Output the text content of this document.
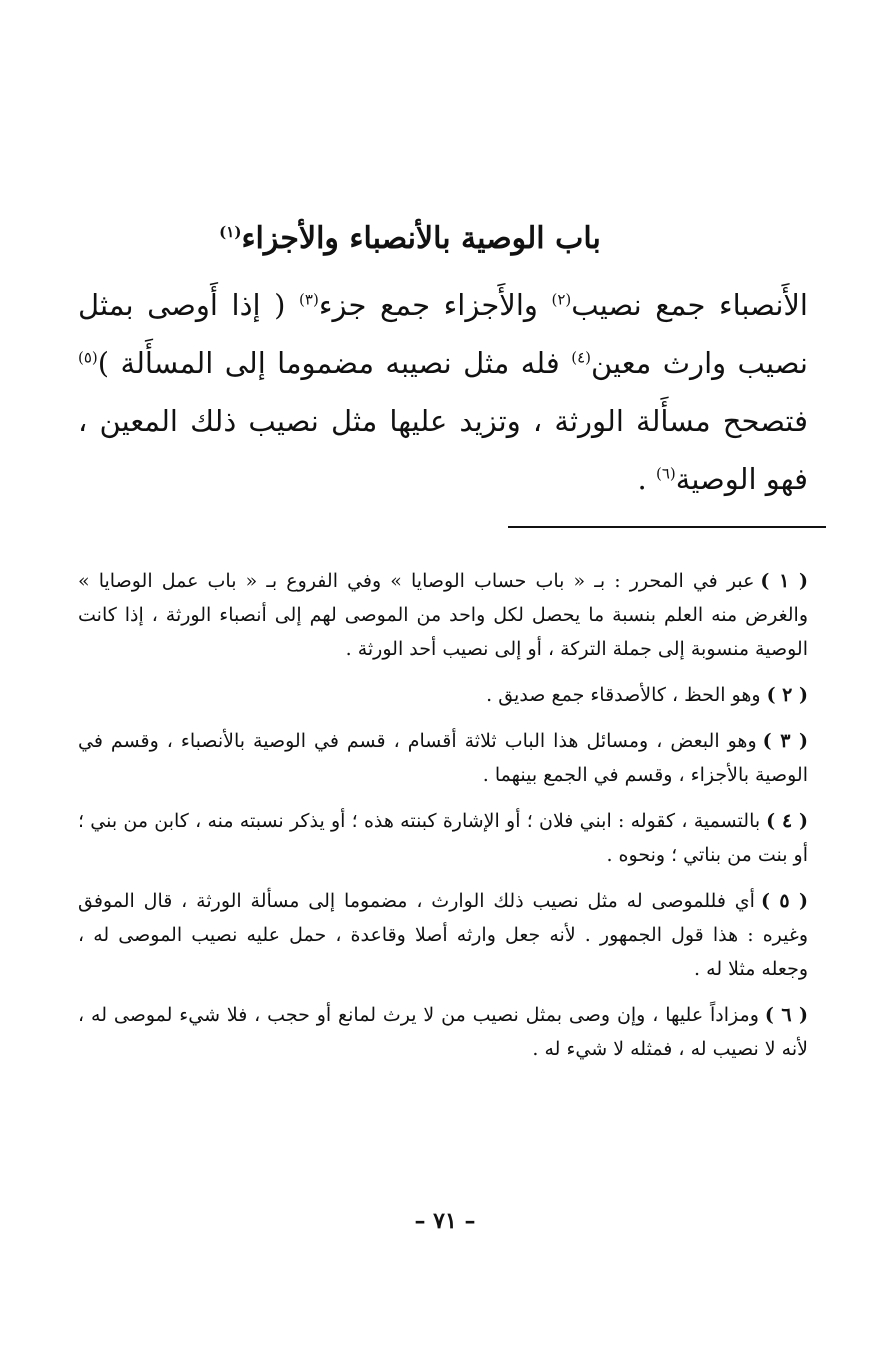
باب الوصية بالأنصباء والأجزاء$^{(١)}$

الأَنصباء جمع نصيب$^{(٢)}$ والأَجزاء جمع جزء$^{(٣)}$ ( إذا أَوصى بمثل نصيب وارث معين$^{(٤)}$ فله مثل نصيبه مضموما إلى المسأَلة )$^{(٥)}$ فتصحح مسأَلة الورثة ، وتزيد عليها مثل نصيب ذلك المعين ، فهو الوصية$^{(٦)}$ .

( ١ )عبر في المحرر : بـ « باب حساب الوصايا » وفي الفروع بـ « باب عمل الوصايا » والغرض منه العلم بنسبة ما يحصل لكل واحد من الموصى لهم إلى أنصباء الورثة ، إذا كانت الوصية منسوبة إلى جملة التركة ، أو إلى نصيب أحد الورثة .

( ٢ )وهو الحظ ، كالأصدقاء جمع صديق .

( ٣ )وهو البعض ، ومسائل هذا الباب ثلاثة أقسام ، قسم في الوصية بالأنصباء ، وقسم في الوصية بالأجزاء ، وقسم في الجمع بينهما .

( ٤ )بالتسمية ، كقوله : ابني فلان ؛ أو الإشارة كبنته هذه ؛ أو يذكر نسبته منه ، كابن من بني ؛ أو بنت من بناتي ؛ ونحوه .

( ٥ )أي فللموصى له مثل نصيب ذلك الوارث ، مضموما إلى مسألة الورثة ، قال الموفق وغيره : هذا قول الجمهور . لأنه جعل وارثه أصلا وقاعدة ، حمل عليه نصيب الموصى له ، وجعله مثلا له .

( ٦ )ومزاداً عليها ، وإن وصى بمثل نصيب من لا يرث لمانع أو حجب ، فلا شيء لموصى له ، لأنه لا نصيب له ، فمثله لا شيء له .

– ٧١ –
